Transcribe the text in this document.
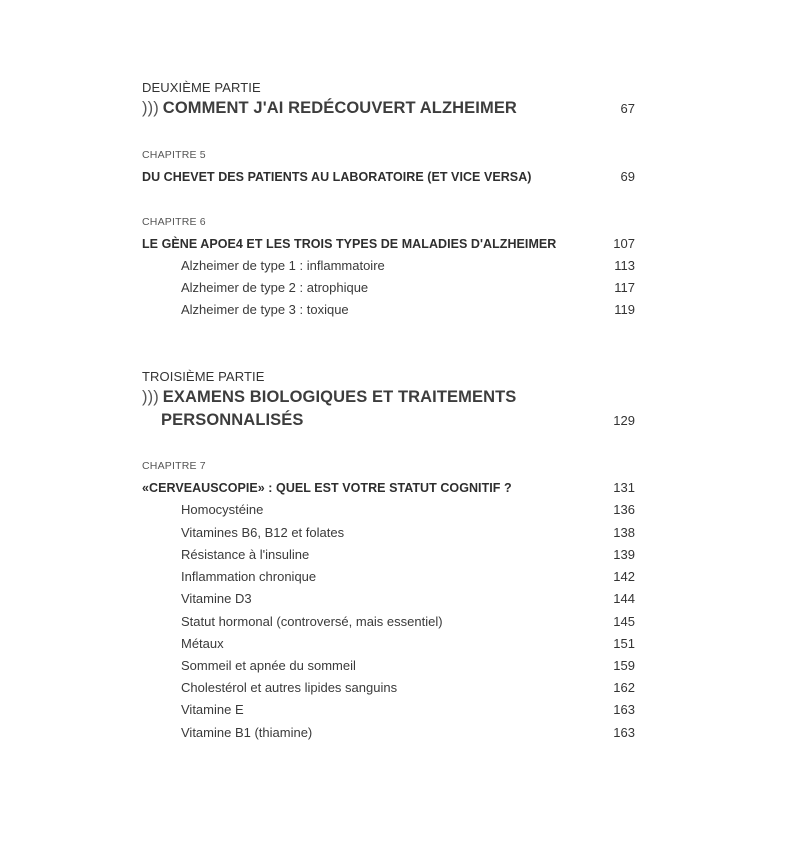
DEUXIÈME PARTIE
))) COMMENT J'AI REDÉCOUVERT ALZHEIMER	67
CHAPITRE 5
DU CHEVET DES PATIENTS AU LABORATOIRE (ET VICE VERSA)	69
CHAPITRE 6
LE GÈNE APOE4 ET LES TROIS TYPES DE MALADIES D'ALZHEIMER	107
Alzheimer de type 1 : inflammatoire	113
Alzheimer de type 2 : atrophique	117
Alzheimer de type 3 : toxique	119
TROISIÈME PARTIE
))) EXAMENS BIOLOGIQUES ET TRAITEMENTS
PERSONNALISÉS	129
CHAPITRE 7
«CERVEAUSCOPIE» : QUEL EST VOTRE STATUT COGNITIF ?	131
Homocystéine	136
Vitamines B6, B12 et folates	138
Résistance à l'insuline	139
Inflammation chronique	142
Vitamine D3	144
Statut hormonal (controversé, mais essentiel)	145
Métaux	151
Sommeil et apnée du sommeil	159
Cholestérol et autres lipides sanguins	162
Vitamine E	163
Vitamine B1 (thiamine)	163
